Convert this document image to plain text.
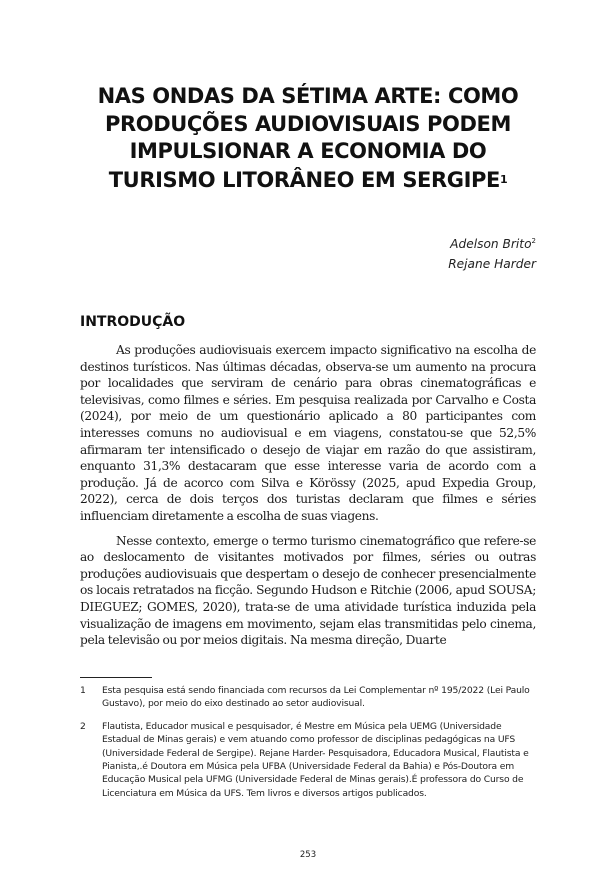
NAS ONDAS DA SÉTIMA ARTE: COMO PRODUÇÕES AUDIOVISUAIS PODEM IMPULSIONAR A ECONOMIA DO TURISMO LITORÂNEO EM SERGIPE$^1$
Adelson Brito$^2$
Rejane Harder
INTRODUÇÃO

As produções audiovisuais exercem impacto significativo na escolha de destinos turísticos. Nas últimas décadas, observa-se um aumento na procura por localidades que serviram de cenário para obras cinematográficas e televisivas, como filmes e séries. Em pesquisa realizada por Carvalho e Costa (2024), por meio de um questionário aplicado a 80 participantes com interesses comuns no audiovisual e em viagens, constatou-se que 52,5% afirmaram ter intensificado o desejo de viajar em razão do que assistiram, enquanto 31,3% destacaram que esse interesse varia de acordo com a produção. Já de acorco com Silva e Körössy (2025, apud Expedia Group, 2022), cerca de dois terços dos turistas declaram que filmes e séries influenciam diretamente a escolha de suas viagens.

Nesse contexto, emerge o termo turismo cinematográfico que refere-se ao deslocamento de visitantes motivados por filmes, séries ou outras produções audiovisuais que despertam o desejo de conhecer presencialmente os locais retratados na ficção. Segundo Hudson e Ritchie (2006, apud SOUSA; DIEGUEZ; GOMES, 2020), trata-se de uma atividade turística induzida pela visualização de imagens em movimento, sejam elas transmitidas pelo cinema, pela televisão ou por meios digitais. Na mesma direção, Duarte

1	Esta pesquisa está sendo financiada com recursos da Lei Complementar nº 195/2022 (Lei Paulo Gustavo), por meio do eixo destinado ao setor audiovisual.
2	Flautista, Educador musical e pesquisador, é Mestre em Música pela UEMG (Universidade Estadual de Minas gerais) e vem atuando como professor de disciplinas pedagógicas na UFS (Universidade Federal de Sergipe). Rejane Harder- Pesquisadora, Educadora Musical, Flautista e Pianista,.é Doutora em Música pela UFBA (Universidade Federal da Bahia) e Pós-Doutora em Educação Musical pela UFMG (Universidade Federal de Minas gerais).É professora do Curso de Licenciatura em Música da UFS. Tem livros e diversos artigos publicados.
253
